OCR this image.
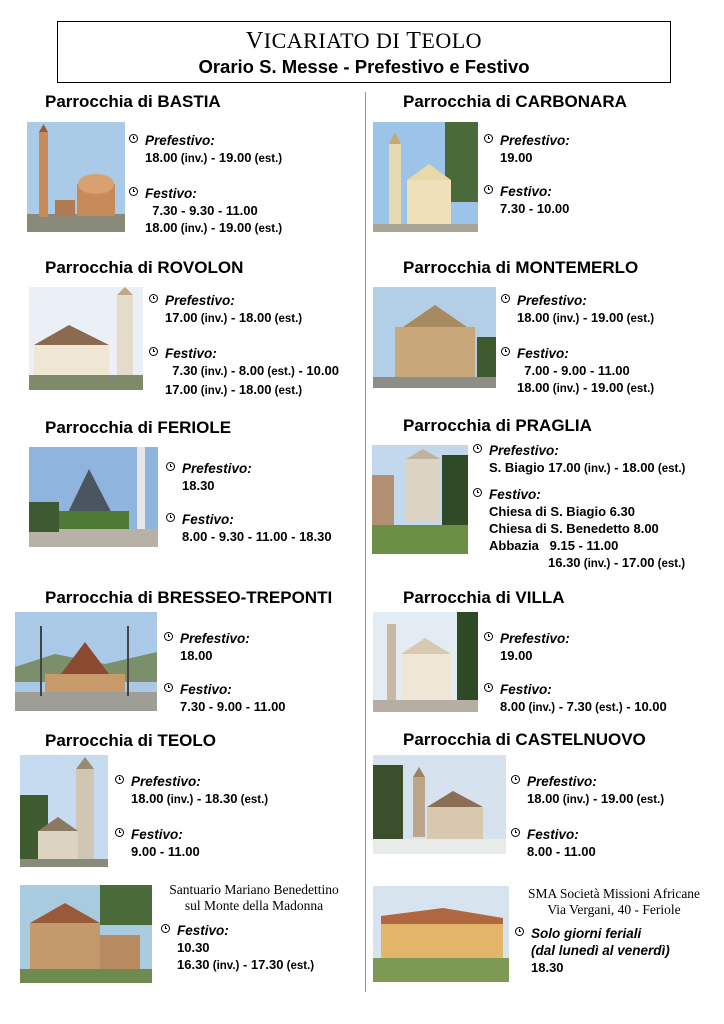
VICARIATO DI TEOLO
Orario S. Messe - Prefestivo e Festivo
Parrocchia di BASTIA
Prefestivo:
18.00 (inv.) - 19.00 (est.)
Festivo:
7.30 - 9.30 - 11.00
18.00 (inv.) - 19.00 (est.)
Parrocchia di ROVOLON
Prefestivo:
17.00 (inv.) - 18.00 (est.)
Festivo:
7.30 (inv.) - 8.00 (est.) - 10.00
17.00 (inv.) - 18.00 (est.)
Parrocchia di FERIOLE
Prefestivo:
18.30
Festivo:
8.00 - 9.30 - 11.00 - 18.30
Parrocchia di BRESSEO-TREPONTI
Prefestivo:
18.00
Festivo:
7.30 - 9.00 - 11.00
Parrocchia di TEOLO
Prefestivo:
18.00 (inv.) - 18.30 (est.)
Festivo:
9.00 - 11.00
Santuario Mariano Benedettino
sul Monte della Madonna
Festivo:
10.30
16.30 (inv.) - 17.30 (est.)
Parrocchia di CARBONARA
Prefestivo:
19.00
Festivo:
7.30 - 10.00
Parrocchia di MONTEMERLO
Prefestivo:
18.00 (inv.) - 19.00 (est.)
Festivo:
7.00 - 9.00 - 11.00
18.00 (inv.) - 19.00 (est.)
Parrocchia di PRAGLIA
Prefestivo:
S. Biagio 17.00 (inv.) - 18.00 (est.)
Festivo:
Chiesa di S. Biagio 6.30
Chiesa di S. Benedetto 8.00
Abbazia   9.15 - 11.00
16.30 (inv.) - 17.00 (est.)
Parrocchia di VILLA
Prefestivo:
19.00
Festivo:
8.00 (inv.) - 7.30 (est.) - 10.00
Parrocchia di CASTELNUOVO
Prefestivo:
18.00 (inv.) - 19.00 (est.)
Festivo:
8.00 - 11.00
SMA Società Missioni Africane
Via Vergani, 40 - Feriole
Solo giorni feriali
(dal lunedì al venerdì)
18.30
